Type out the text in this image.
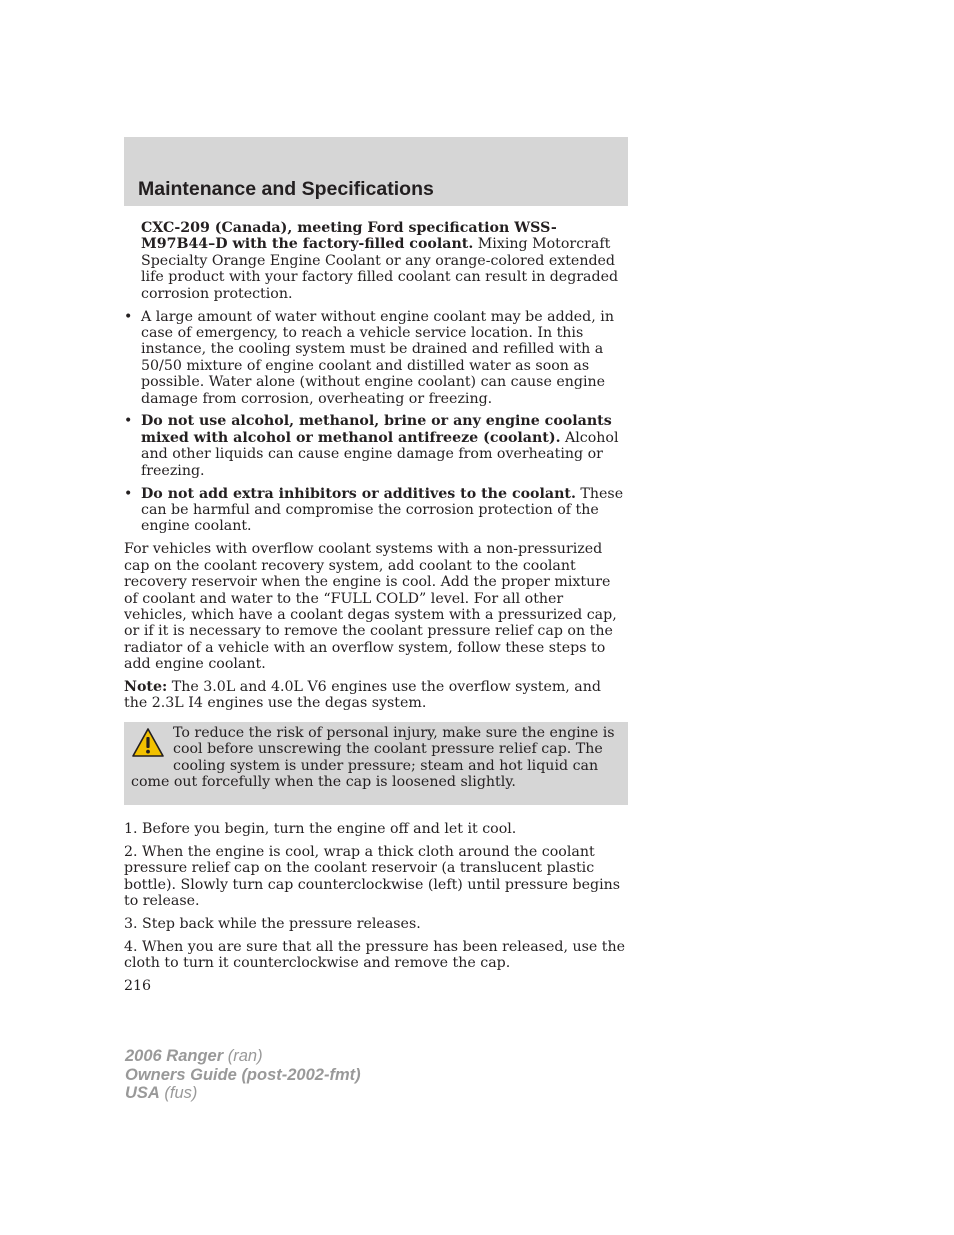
Maintenance and Specifications

CXC-209 (Canada), meeting Ford specification WSS-M97B44–D with the factory-filled coolant. Mixing Motorcraft Specialty Orange Engine Coolant or any orange-colored extended life product with your factory filled coolant can result in degraded corrosion protection.

• A large amount of water without engine coolant may be added, in case of emergency, to reach a vehicle service location. In this instance, the cooling system must be drained and refilled with a 50/50 mixture of engine coolant and distilled water as soon as possible. Water alone (without engine coolant) can cause engine damage from corrosion, overheating or freezing.
• Do not use alcohol, methanol, brine or any engine coolants mixed with alcohol or methanol antifreeze (coolant). Alcohol and other liquids can cause engine damage from overheating or freezing.
• Do not add extra inhibitors or additives to the coolant. These can be harmful and compromise the corrosion protection of the engine coolant.

For vehicles with overflow coolant systems with a non-pressurized cap on the coolant recovery system, add coolant to the coolant recovery reservoir when the engine is cool. Add the proper mixture of coolant and water to the “FULL COLD” level. For all other vehicles, which have a coolant degas system with a pressurized cap, or if it is necessary to remove the coolant pressure relief cap on the radiator of a vehicle with an overflow system, follow these steps to add engine coolant.

Note: The 3.0L and 4.0L V6 engines use the overflow system, and the 2.3L I4 engines use the degas system.

To reduce the risk of personal injury, make sure the engine is cool before unscrewing the coolant pressure relief cap. The cooling system is under pressure; steam and hot liquid can come out forcefully when the cap is loosened slightly.

1. Before you begin, turn the engine off and let it cool.

2. When the engine is cool, wrap a thick cloth around the coolant pressure relief cap on the coolant reservoir (a translucent plastic bottle). Slowly turn cap counterclockwise (left) until pressure begins to release.

3. Step back while the pressure releases.

4. When you are sure that all the pressure has been released, use the cloth to turn it counterclockwise and remove the cap.

216

2006 Ranger (ran)
Owners Guide (post-2002-fmt)
USA (fus)
